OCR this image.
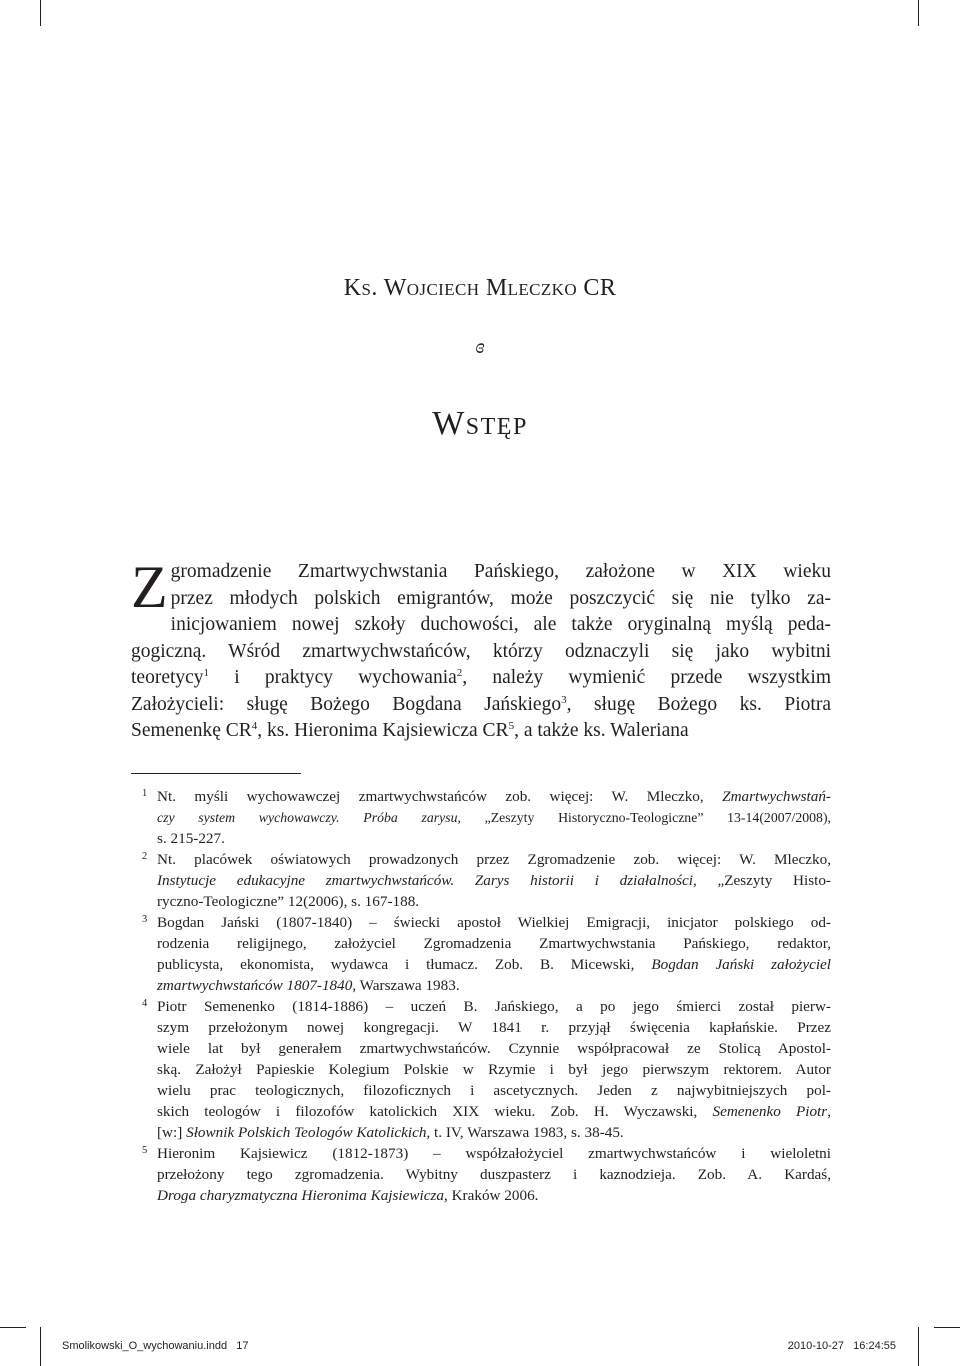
Ks. Wojciech Mleczko CR
ɞ
Wstęp
Z gromadzenie Zmartwychwstania Pańskiego, założone w XIX wieku
przez młodych polskich emigrantów, może poszczycić się nie tylko za-
inicjowaniem nowej szkoły duchowości, ale także oryginalną myślą peda-
gogiczną. Wśród zmartwychwstańców, którzy odznaczyli się jako wybitni
teoretycy$^1$ i praktycy wychowania$^2$, należy wymienić przede wszystkim
Założycieli: sługę Bożego Bogdana Jańskiego$^3$, sługę Bożego ks. Piotra
Semenenkę $CR^4$, ks. Hieronima Kajsiewicza $CR^5$, a także ks. Waleriana
1 Nt. myśli wychowawczej zmartwychwstańców zob. więcej: W. Mleczko, Zmartwychwstań-
czy system wychowawczy. Próba zarysu, „Zeszyty Historyczno-Teologiczne” 13-14(2007/2008),
s. 215-227.
2 Nt. placówek oświatowych prowadzonych przez Zgromadzenie zob. więcej: W. Mleczko,
Instytucje edukacyjne zmartwychwstańców. Zarys historii i działalności, „Zeszyty Histo-
ryczno-Teologiczne” 12(2006), s. 167-188.
3 Bogdan Jański (1807-1840) – świecki apostoł Wielkiej Emigracji, inicjator polskiego od-
rodzenia religijnego, założyciel Zgromadzenia Zmartwychwstania Pańskiego, redaktor,
publicysta, ekonomista, wydawca i tłumacz. Zob. B. Micewski, Bogdan Jański założyciel
zmartwychwstańców 1807-1840, Warszawa 1983.
4 Piotr Semenenko (1814-1886) – uczeń B. Jańskiego, a po jego śmierci został pierw-
szym przełożonym nowej kongregacji. W 1841 r. przyjął święcenia kapłańskie. Przez
wiele lat był generałem zmartwychwstańców. Czynnie współpracował ze Stolicą Apostol-
ską. Założył Papieskie Kolegium Polskie w Rzymie i był jego pierwszym rektorem. Autor
wielu prac teologicznych, filozoficznych i ascetycznych. Jeden z najwybitniejszych pol-
skich teologów i filozofów katolickich XIX wieku. Zob. H. Wyczawski, Semenenko Piotr,
[w:] Słownik Polskich Teologów Katolickich, t. IV, Warszawa 1983, s. 38-45.
5 Hieronim Kajsiewicz (1812-1873) – współzałożyciel zmartwychwstańców i wieloletni
przełożony tego zgromadzenia. Wybitny duszpasterz i kaznodzieja. Zob. A. Kardaś,
Droga charyzmatyczna Hieronima Kajsiewicza, Kraków 2006.
Smolikowski_O_wychowaniu.indd   17	2010-10-27   16:24:55
